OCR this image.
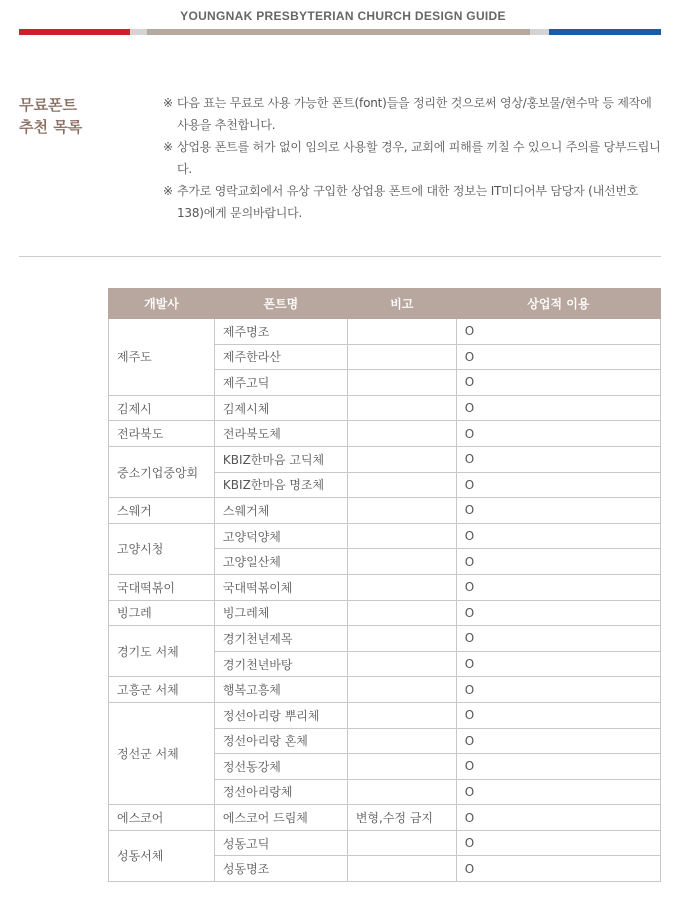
YOUNGNAK PRESBYTERIAN CHURCH DESIGN GUIDE
무료폰트
추천 목록
※ 다음 표는 무료로 사용 가능한 폰트(font)들을 정리한 것으로써 영상/홍보물/현수막 등 제작에 사용을 추천합니다.
※ 상업용 폰트를 허가 없이 임의로 사용할 경우, 교회에 피해를 끼칠 수 있으니 주의를 당부드립니다.
※ 추가로 영락교회에서 유상 구입한 상업용 폰트에 대한 정보는 IT미디어부 담당자 (내선번호 138)에게 문의바랍니다.
개발사	폰트명	비고	상업적 이용
제주도	제주명조		O
	제주한라산		O
	제주고딕		O
김제시	김제시체		O
전라북도	전라북도체		O
중소기업중앙회	KBIZ한마음 고딕체		O
	KBIZ한마음 명조체		O
스웨거	스웨거체		O
고양시청	고양덕양체		O
	고양일산체		O
국대떡볶이	국대떡볶이체		O
빙그레	빙그레체		O
경기도 서체	경기천년제목		O
	경기천년바탕		O
고흥군 서체	행복고흥체		O
정선군 서체	정선아리랑 뿌리체		O
	정선아리랑 혼체		O
	정선동강체		O
	정선아리랑체		O
에스코어	에스코어 드림체	변형,수정 금지	O
성동서체	성동고딕		O
	성동명조		O
